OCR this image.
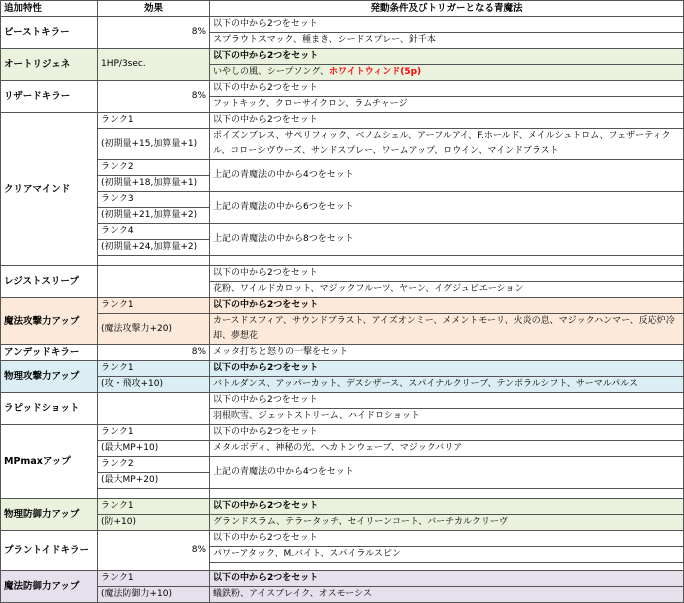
追加特性	効果	発動条件及びトリガーとなる青魔法
ビーストキラー	8%	以下の中から2つをセット
		スプラウトスマック、種まき、シードスプレー、針千本
オートリジェネ	1HP/3sec.	以下の中から2つをセット
		いやしの風、シープソング、ホワイトウィンド(5p)
リザードキラー	8%	以下の中から2つをセット
		フットキック、クローサイクロン、ラムチャージ
クリアマインド	ランク1	以下の中から2つをセット
	(初期量+15,加算量+1)	ポイズンブレス、サペリフィック、ベノムシェル、アーフルアイ、F.ホールド、メイルシュトロム、フェザーティクル、コローシヴウーズ、サンドスプレー、ワームアップ、ロウイン、マインドブラスト
	ランク2	上記の青魔法の中から4つをセット
	(初期量+18,加算量+1)	
	ランク3	上記の青魔法の中から6つをセット
	(初期量+21,加算量+2)	
	ランク4	上記の青魔法の中から8つをセット
	(初期量+24,加算量+2)	

レジストスリープ		以下の中から2つをセット
		花粉、ワイルドカロット、マジックフルーツ、ヤーン、イグジュビエーション
魔法攻撃力アップ	ランク1	以下の中から2つをセット
	(魔法攻撃力+20)	カースドスフィア、サウンドブラスト、アイズオンミー、メメントモーリ、火炎の息、マジックハンマー、反応炉冷却、夢想花
アンデッドキラー	8%	メッタ打ちと怒りの一撃をセット
物理攻撃力アップ	ランク1	以下の中から2つをセット
	(攻・飛攻+10)	バトルダンス、アッパーカット、デスシザース、スパイナルクリーブ、テンポラルシフト、サーマルパルス
ラピッドショット		以下の中から2つをセット
		羽根吹雪、ジェットストリーム、ハイドロショット
MPmaxアップ	ランク1	以下の中から2つをセット
	(最大MP+10)	メタルボディ、神秘の光、ヘカトンウェーブ、マジックバリア
	ランク2	上記の青魔法の中から4つをセット
	(最大MP+20)	

物理防御力アップ	ランク1	以下の中から2つをセット
	(防+10)	グランドスラム、テラータッチ、セイリーンコート、バーチカルクリーヴ
プラントイドキラー	8%	以下の中から2つをセット
		パワーアタック、M.バイト、スパイラルスピン

魔法防御力アップ	ランク1	以下の中から2つをセット
	(魔法防御力+10)	蟻鉄粉、アイスブレイク、オスモーシス
